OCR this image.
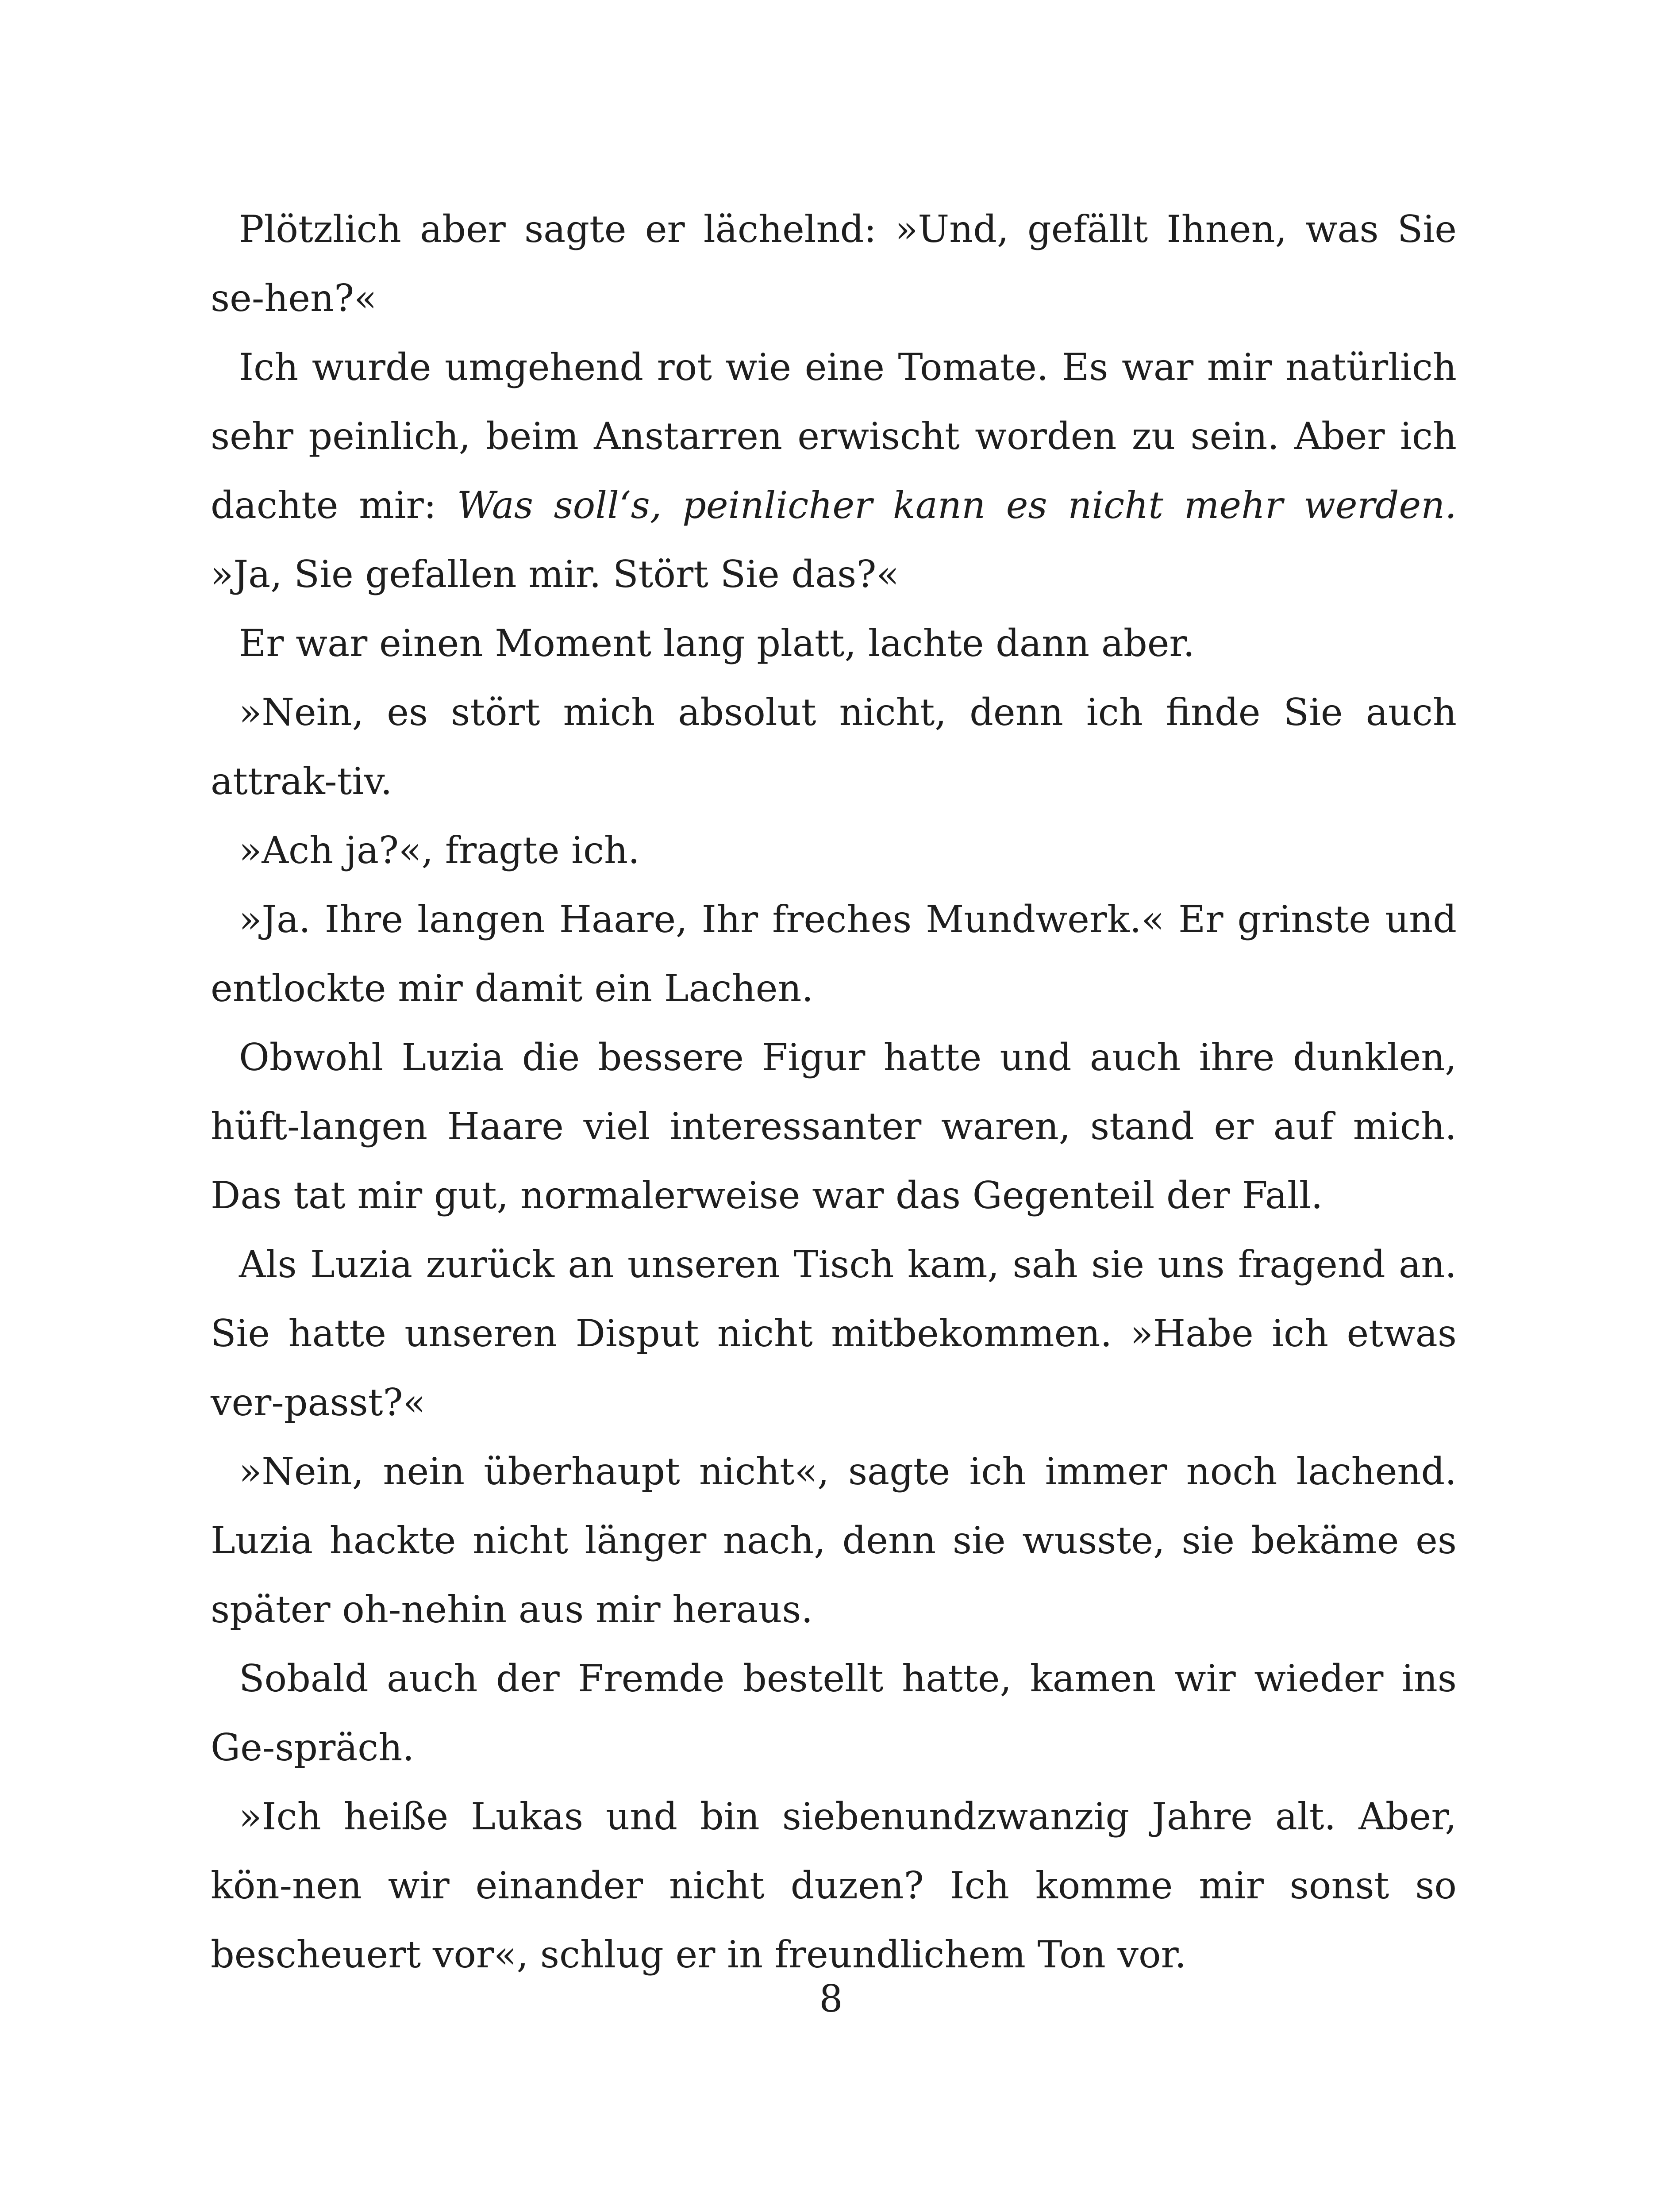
Plötzlich aber sagte er lächelnd: »Und, gefällt Ihnen, was Sie se-hen?«

Ich wurde umgehend rot wie eine Tomate. Es war mir natürlich sehr peinlich, beim Anstarren erwischt worden zu sein. Aber ich dachte mir: Was soll‘s, peinlicher kann es nicht mehr werden. »Ja, Sie gefallen mir. Stört Sie das?«

Er war einen Moment lang platt, lachte dann aber.

»Nein, es stört mich absolut nicht, denn ich finde Sie auch attrak-tiv.

»Ach ja?«, fragte ich.

»Ja. Ihre langen Haare, Ihr freches Mundwerk.« Er grinste und entlockte mir damit ein Lachen.

Obwohl Luzia die bessere Figur hatte und auch ihre dunklen, hüft-langen Haare viel interessanter waren, stand er auf mich. Das tat mir gut, normalerweise war das Gegenteil der Fall.

Als Luzia zurück an unseren Tisch kam, sah sie uns fragend an. Sie hatte unseren Disput nicht mitbekommen. »Habe ich etwas ver-passt?«

»Nein, nein überhaupt nicht«, sagte ich immer noch lachend. Luzia hackte nicht länger nach, denn sie wusste, sie bekäme es später oh-nehin aus mir heraus.

Sobald auch der Fremde bestellt hatte, kamen wir wieder ins Ge-spräch.

»Ich heiße Lukas und bin siebenundzwanzig Jahre alt. Aber, kön-nen wir einander nicht duzen? Ich komme mir sonst so bescheuert vor«, schlug er in freundlichem Ton vor.

8
